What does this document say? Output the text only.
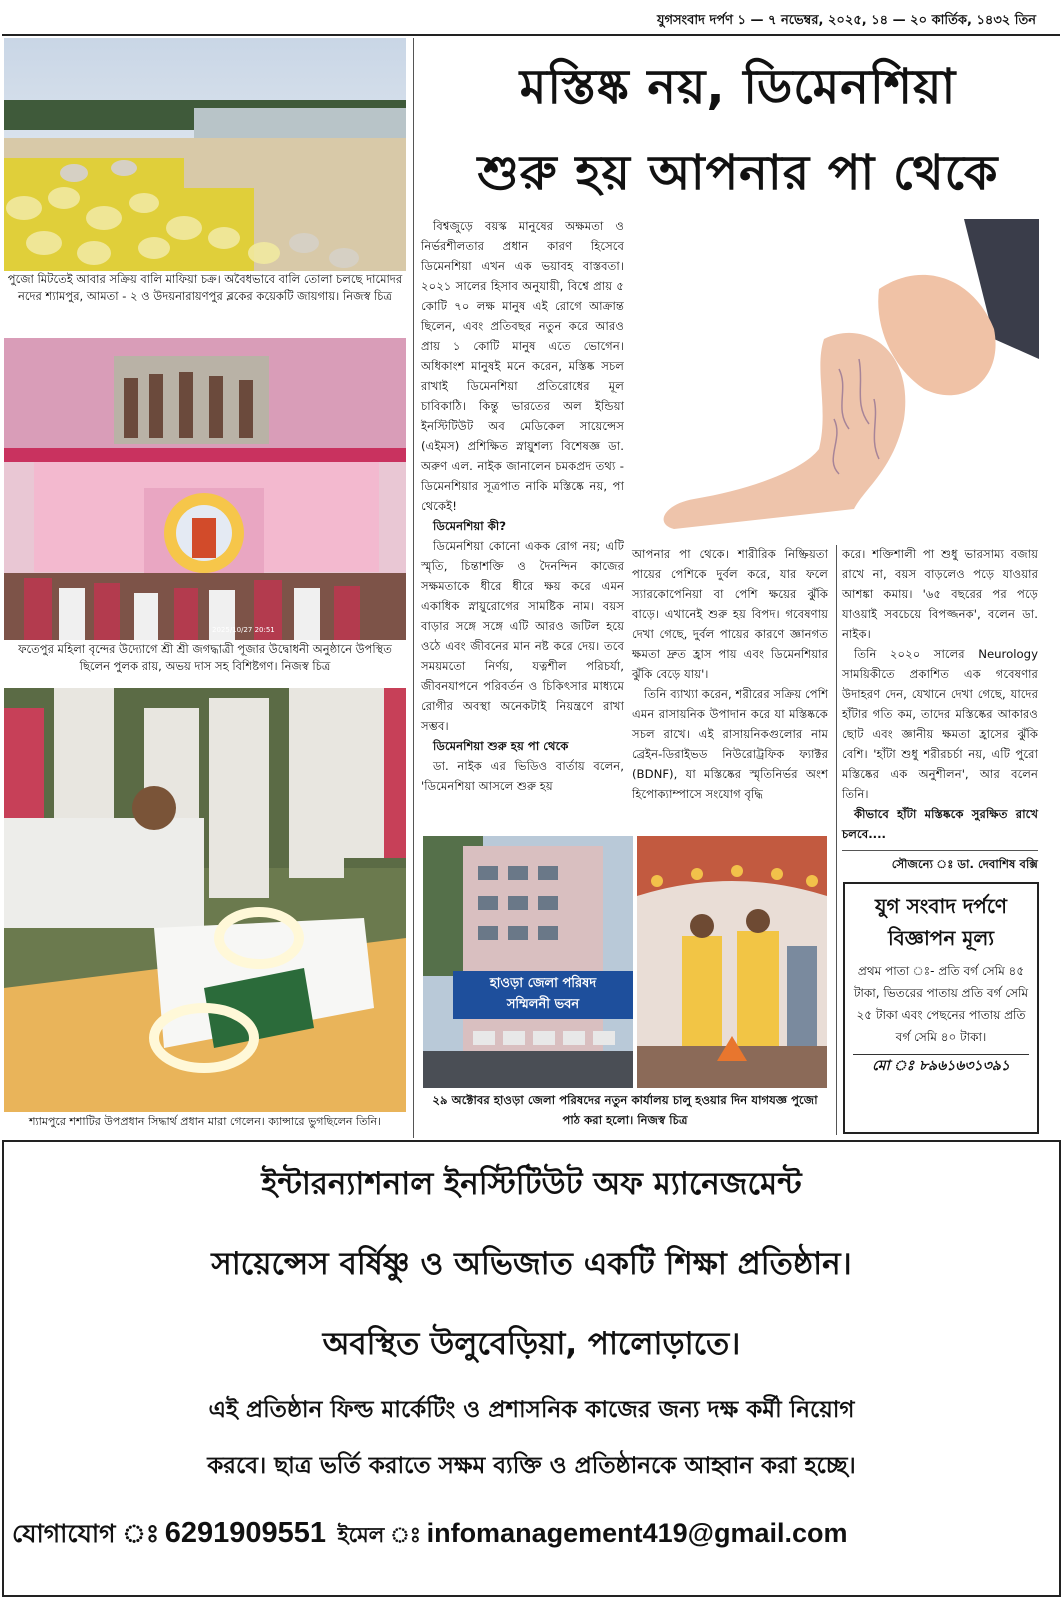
যুগসংবাদ দর্পণ ১ — ৭ নভেম্বর, ২০২৫, ১৪ — ২০ কার্তিক, ১৪৩২ তিন
পুজো মিটতেই আবার সক্রিয় বালি মাফিয়া চক্র। অবৈধভাবে বালি তোলা চলছে দামোদর নদের শ্যামপুর, আমতা - ২ ও উদয়নারায়ণপুর ব্লকের কয়েকটি জায়গায়। নিজস্ব চিত্র
2025/10/27 20:51
ফতেপুর মহিলা বৃন্দের উদ্যোগে শ্রী শ্রী জগদ্ধাত্রী পূজার উদ্বোধনী অনুষ্ঠানে উপস্থিত ছিলেন পুলক রায়, অভয় দাস সহ বিশিষ্টগণ। নিজস্ব চিত্র
শ্যামপুরে শশাটির উপপ্রধান সিদ্ধার্থ প্রধান মারা গেলেন। ক্যান্সারে ভুগছিলেন তিনি।
মস্তিষ্ক নয়, ডিমেনশিয়া
শুরু হয় আপনার পা থেকে

বিশ্বজুড়ে বয়স্ক মানুষের অক্ষমতা ও নির্ভরশীলতার প্রধান কারণ হিসেবে ডিমেনশিয়া এখন এক ভয়াবহ বাস্তবতা। ২০২১ সালের হিসাব অনুযায়ী, বিশ্বে প্রায় ৫ কোটি ৭০ লক্ষ মানুষ এই রোগে আক্রান্ত ছিলেন, এবং প্রতিবছর নতুন করে আরও প্রায় ১ কোটি মানুষ এতে ভোগেন। অধিকাংশ মানুষই মনে করেন, মস্তিষ্ক সচল রাখাই ডিমেনশিয়া প্রতিরোধের মূল চাবিকাঠি। কিন্তু ভারতের অল ইন্ডিয়া ইনস্টিটিউট অব মেডিকেল সায়েন্সেস (এইমস) প্রশিক্ষিত স্নায়ুশল্য বিশেষজ্ঞ ডা. অরুণ এল. নাইক জানালেন চমকপ্রদ তথ্য - ডিমেনশিয়ার সূত্রপাত নাকি মস্তিষ্কে নয়, পা থেকেই!

ডিমেনশিয়া কী?

ডিমেনশিয়া কোনো একক রোগ নয়; এটি স্মৃতি, চিন্তাশক্তি ও দৈনন্দিন কাজের সক্ষমতাকে ধীরে ধীরে ক্ষয় করে এমন একাধিক স্নায়ুরোগের সামষ্টিক নাম। বয়স বাড়ার সঙ্গে সঙ্গে এটি আরও জটিল হয়ে ওঠে এবং জীবনের মান নষ্ট করে দেয়। তবে সময়মতো নির্ণয়, যত্নশীল পরিচর্যা, জীবনযাপনে পরিবর্তন ও চিকিৎসার মাধ্যমে রোগীর অবস্থা অনেকটাই নিয়ন্ত্রণে রাখা সম্ভব।

ডিমেনশিয়া শুরু হয় পা থেকে

ডা. নাইক এর ভিডিও বার্তায় বলেন, 'ডিমেনশিয়া আসলে শুরু হয়

আপনার পা থেকে। শারীরিক নিষ্ক্রিয়তা পায়ের পেশিকে দুর্বল করে, যার ফলে স্যারকোপেনিয়া বা পেশি ক্ষয়ের ঝুঁকি বাড়ে। এখানেই শুরু হয় বিপদ। গবেষণায় দেখা গেছে, দুর্বল পায়ের কারণে জ্ঞানগত ক্ষমতা দ্রুত হ্রাস পায় এবং ডিমেনশিয়ার ঝুঁকি বেড়ে যায়'।

তিনি ব্যাখ্যা করেন, শরীরের সক্রিয় পেশি এমন রাসায়নিক উপাদান করে যা মস্তিষ্ককে সচল রাখে। এই রাসায়নিকগুলোর নাম ব্রেইন-ডিরাইভড নিউরোট্রফিক ফ্যাক্টর (BDNF), যা মস্তিষ্কের স্মৃতিনির্ভর অংশ হিপোক্যাম্পাসে সংযোগ বৃদ্ধি

করে। শক্তিশালী পা শুধু ভারসাম্য বজায় রাখে না, বয়স বাড়লেও পড়ে যাওয়ার আশঙ্কা কমায়। '৬৫ বছরের পর পড়ে যাওয়াই সবচেয়ে বিপজ্জনক', বলেন ডা. নাইক।

তিনি ২০২০ সালের Neurology সাময়িকীতে প্রকাশিত এক গবেষণার উদাহরণ দেন, যেখানে দেখা গেছে, যাদের হাঁটার গতি কম, তাদের মস্তিষ্কের আকারও ছোট এবং জ্ঞানীয় ক্ষমতা হ্রাসের ঝুঁকি বেশি। 'হাঁটা শুধু শরীরচর্চা নয়, এটি পুরো মস্তিষ্কের এক অনুশীলন', আর বলেন তিনি।

কীভাবে হাঁটা মস্তিষ্ককে সুরক্ষিত রাখে চলবে....

সৌজন্যে ঃ ডা. দেবাশিষ বক্সি
হাওড়া জেলা পরিষদ
সম্মিলনী ভবন
২৯ অক্টোবর হাওড়া জেলা পরিষদের নতুন কার্যালয় চালু হওয়ার দিন যাগযজ্ঞ পুজো পাঠ করা হলো। নিজস্ব চিত্র
যুগ সংবাদ দর্পণে
বিজ্ঞাপন মূল্য
প্রথম পাতা ঃ- প্রতি বর্গ সেমি ৪৫ টাকা, ভিতরের পাতায় প্রতি বর্গ সেমি ২৫ টাকা এবং পেছনের পাতায় প্রতি বর্গ সেমি ৪০ টাকা।
মো ঃ ৮৯৬১৬৩১৩৯১
ইন্টারন্যাশনাল ইনস্টিটিউট অফ ম্যানেজমেন্ট
সায়েন্সেস বর্ষিষ্ণু ও অভিজাত একটি শিক্ষা প্রতিষ্ঠান।
অবস্থিত উলুবেড়িয়া, পালোড়াতে।
এই প্রতিষ্ঠান ফিল্ড মার্কেটিং ও প্রশাসনিক কাজের জন্য দক্ষ কর্মী নিয়োগ
করবে। ছাত্র ভর্তি করাতে সক্ষম ব্যক্তি ও প্রতিষ্ঠানকে আহ্বান করা হচ্ছে।
যোগাযোগ ঃ 6291909551 ইমেল ঃ infomanagement419@gmail.com
